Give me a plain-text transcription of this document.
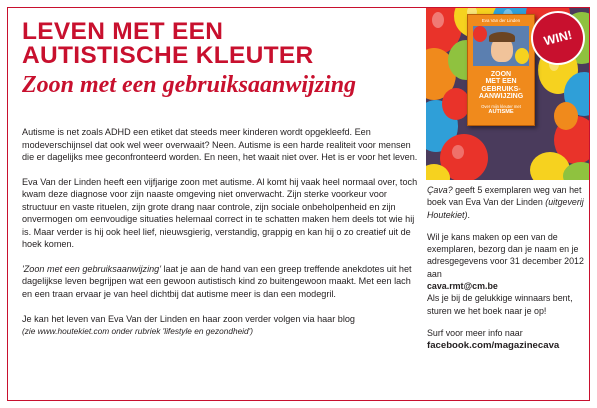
LEVEN MET EEN
AUTISTISCHE KLEUTER
Zoon met een gebruiksaanwijzing

Autisme is net zoals ADHD een etiket dat steeds meer kinderen wordt opgekleefd. Een modeverschijnsel dat ook wel weer overwaait? Neen. Autisme is een harde realiteit voor mensen die er dagelijks mee geconfronteerd worden. En neen, het waait niet over. Het is er voor het leven.

Eva Van der Linden heeft een vijfjarige zoon met autisme. Al komt hij vaak heel normaal over, toch kwam deze diagnose voor zijn naaste omgeving niet onverwacht. Zijn sterke voorkeur voor structuur en vaste rituelen, zijn grote drang naar controle, zijn sociale onbeholpenheid en zijn onvermogen om eenvoudige situaties helemaal correct in te schatten maken hem deels tot wie hij is. Maar verder is hij ook heel lief, nieuwsgierig, verstandig, grappig en kan hij o zo creatief uit de hoek komen.

'Zoon met een gebruiksaanwijzing' laat je aan de hand van een greep treffende anekdotes uit het dagelijkse leven begrijpen wat een gewoon autistisch kind zo buitengewoon maakt. Met een lach en een traan ervaar je van heel dichtbij dat autisme meer is dan een modegril.

Je kan het leven van Eva Van der Linden en haar zoon verder volgen via haar blog
(zie www.houtekiet.com onder rubriek 'lifestyle en gezondheid')

Eva Van der Linden
ZOON
MET EEN
GEBRUIKS-
AANWIJZING
Over mijn kleuter met
AUTISME
WIN!

Çava? geeft 5 exemplaren weg van het boek van Eva Van der Linden (uitgeverij Houtekiet).

Wil je kans maken op een van de exemplaren, bezorg dan je naam en je adresgegevens voor 31 december 2012 aan
cava.rmt@cm.be
Als je bij de gelukkige winnaars bent, sturen we het boek naar je op!

Surf voor meer info naar
facebook.com/magazinecava
